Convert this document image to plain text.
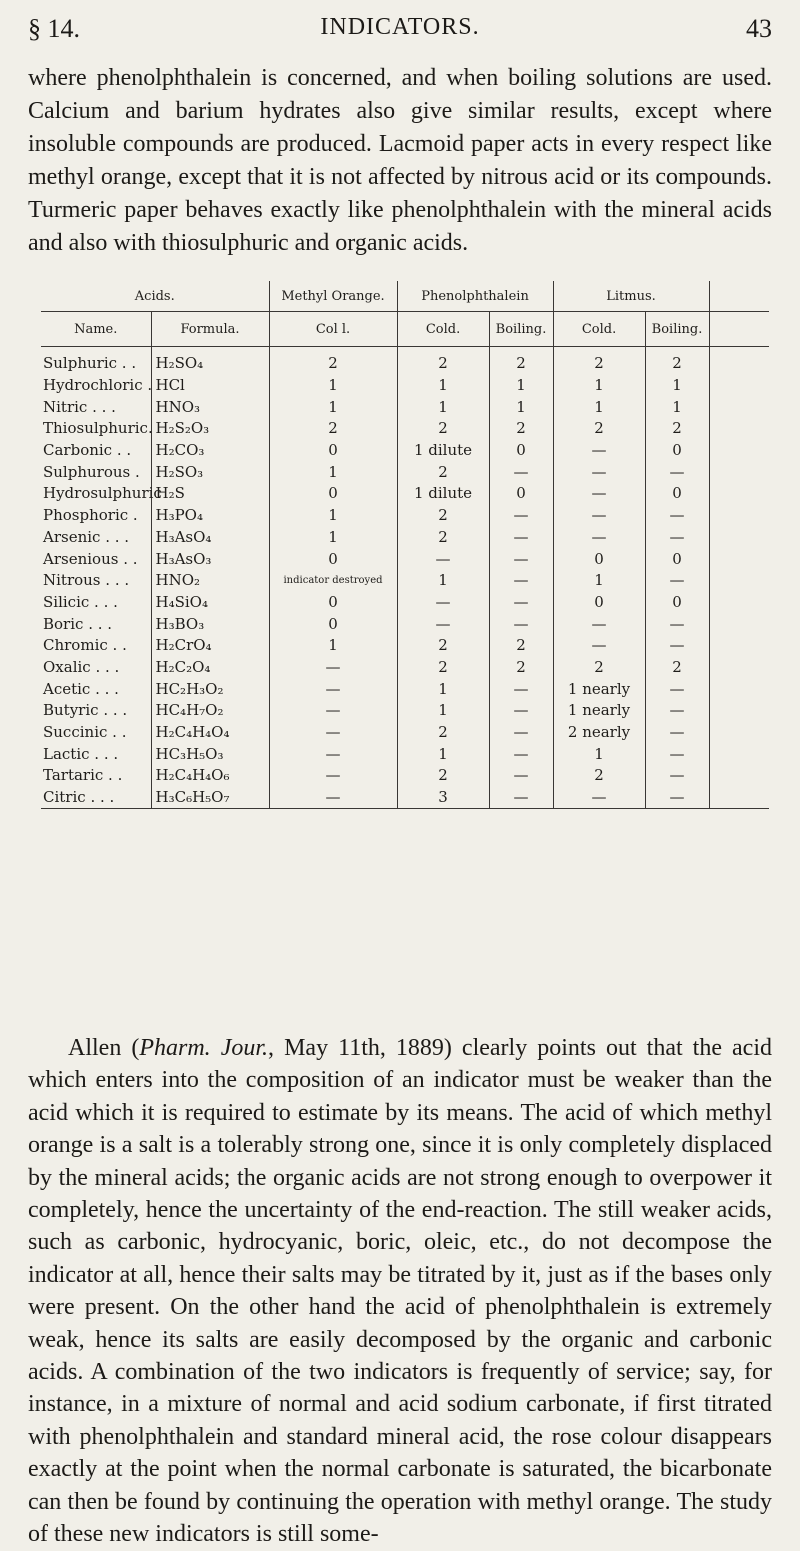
§ 14.	INDICATORS.	43

where phenolphthalein is concerned, and when boiling solutions are used. Calcium and barium hydrates also give similar results, except where insoluble compounds are produced. Lacmoid paper acts in every respect like methyl orange, except that it is not affected by nitrous acid or its compounds. Turmeric paper behaves exactly like phenolphthalein with the mineral acids and also with thiosulphuric and organic acids.

Acids.		Methyl Orange.	Phenolphthalein		Litmus.		
Name.	Formula.	Col l.	Cold.	Boiling.	Cold.	Boiling.	
Sulphuric . .	H₂SO₄	2	2	2	2	2	
Hydrochloric .	HCl	1	1	1	1	1	
Nitric . . .	HNO₃	1	1	1	1	1	
Thiosulphuric.	H₂S₂O₃	2	2	2	2	2	
Carbonic . .	H₂CO₃	0	1 dilute	0	—	0	
Sulphurous .	H₂SO₃	1	2	—	—	—	
Hydrosulphuric	H₂S	0	1 dilute	0	—	0	
Phosphoric .	H₃PO₄	1	2	—	—	—	
Arsenic . . .	H₃AsO₄	1	2	—	—	—	
Arsenious . .	H₃AsO₃	0	—	—	0	0	
Nitrous . . .	HNO₂	indicator destroyed	1	—	1	—	
Silicic . . .	H₄SiO₄	0	—	—	0	0	
Boric . . .	H₃BO₃	0	—	—	—	—	
Chromic . .	H₂CrO₄	1	2	2	—	—	
Oxalic . . .	H₂C₂O₄	—	2	2	2	2	
Acetic . . .	HC₂H₃O₂	—	1	—	1 nearly	—	
Butyric . . .	HC₄H₇O₂	—	1	—	1 nearly	—	
Succinic . .	H₂C₄H₄O₄	—	2	—	2 nearly	—	
Lactic . . .	HC₃H₅O₃	—	1	—	1	—	
Tartaric . .	H₂C₄H₄O₆	—	2	—	2	—	
Citric . . .	H₃C₆H₅O₇	—	3	—	—	—	

Allen (Pharm. Jour., May 11th, 1889) clearly points out that the acid which enters into the composition of an indicator must be weaker than the acid which it is required to estimate by its means. The acid of which methyl orange is a salt is a tolerably strong one, since it is only completely displaced by the mineral acids; the organic acids are not strong enough to overpower it completely, hence the uncertainty of the end-reaction. The still weaker acids, such as carbonic, hydrocyanic, boric, oleic, etc., do not decompose the indicator at all, hence their salts may be titrated by it, just as if the bases only were present. On the other hand the acid of phenolphthalein is extremely weak, hence its salts are easily decomposed by the organic and carbonic acids. A combination of the two indicators is frequently of service; say, for instance, in a mixture of normal and acid sodium carbonate, if first titrated with phenolphthalein and standard mineral acid, the rose colour disappears exactly at the point when the normal carbonate is saturated, the bicarbonate can then be found by continuing the operation with methyl orange. The study of these new indicators is still some-
